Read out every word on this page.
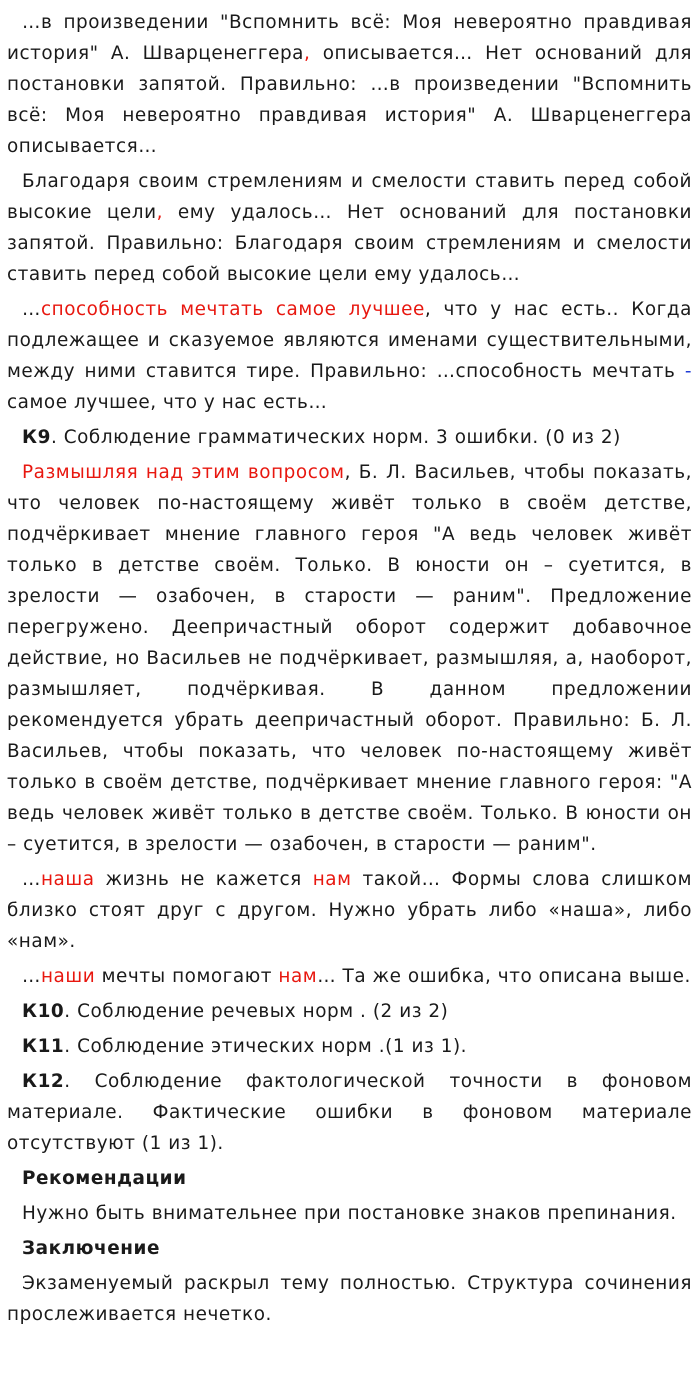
…в произведении "Вспомнить всё: Моя невероятно правдивая история" А. Шварценеггера, описывается… Нет оснований для постановки запятой. Правильно: …в произведении "Вспомнить всё: Моя невероятно правдивая история" А. Шварценеггера описывается…

Благодаря своим стремлениям и смелости ставить перед собой высокие цели, ему удалось… Нет оснований для постановки запятой. Правильно: Благодаря своим стремлениям и смелости ставить перед собой высокие цели ему удалось…

…способность мечтать самое лучшее, что у нас есть.. Когда подлежащее и сказуемое являются именами существительными, между ними ставится тире. Правильно: …способность мечтать - самое лучшее, что у нас есть…

К9. Соблюдение грамматических норм. 3 ошибки. (0 из 2)

Размышляя над этим вопросом, Б. Л. Васильев, чтобы показать, что человек по-настоящему живёт только в своём детстве, подчёркивает мнение главного героя "А ведь человек живёт только в детстве своём. Только. В юности он – суетится, в зрелости — озабочен, в старости — раним". Предложение перегружено. Деепричастный оборот содержит добавочное действие, но Васильев не подчёркивает, размышляя, а, наоборот, размышляет, подчёркивая. В данном предложении рекомендуется убрать деепричастный оборот. Правильно: Б. Л. Васильев, чтобы показать, что человек по-настоящему живёт только в своём детстве, подчёркивает мнение главного героя: "А ведь человек живёт только в детстве своём. Только. В юности он – суетится, в зрелости — озабочен, в старости — раним".

…наша жизнь не кажется нам такой… Формы слова слишком близко стоят друг с другом. Нужно убрать либо «наша», либо «нам».

…наши мечты помогают нам… Та же ошибка, что описана выше.

К10. Соблюдение речевых норм . (2 из 2)

К11. Соблюдение этических норм .(1 из 1).

К12. Соблюдение фактологической точности в фоновом материале. Фактические ошибки в фоновом материале отсутствуют (1 из 1).

Рекомендации

Нужно быть внимательнее при постановке знаков препинания.

Заключение

Экзаменуемый раскрыл тему полностью. Структура сочинения прослеживается нечетко.
